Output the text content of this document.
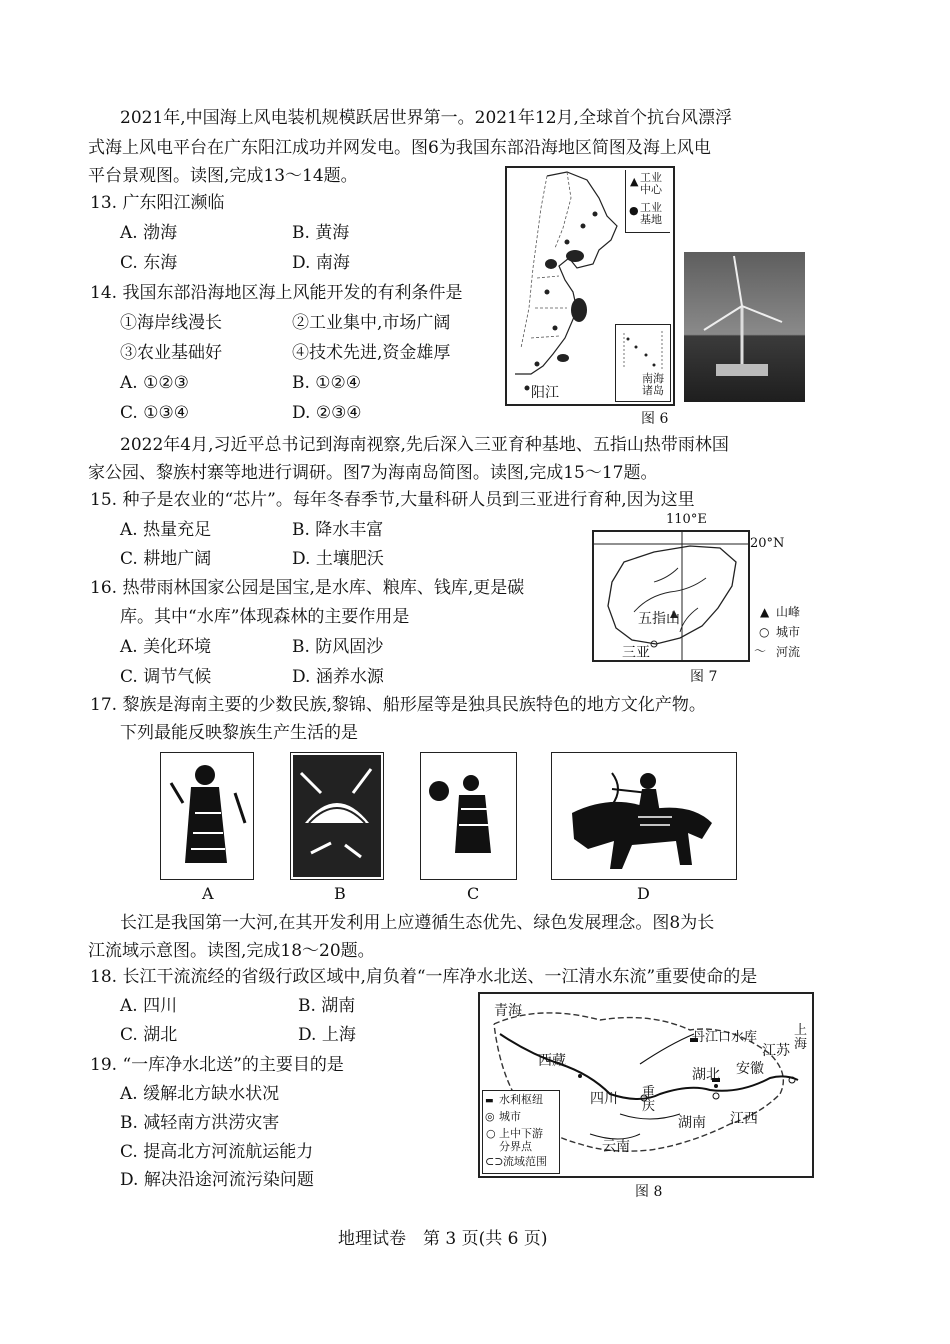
2021年,中国海上风电装机规模跃居世界第一。2021年12月,全球首个抗台风漂浮
式海上风电平台在广东阳江成功并网发电。图6为我国东部沿海地区简图及海上风电
平台景观图。读图,完成13～14题。
13. 广东阳江濒临
A. 渤海	B. 黄海
C. 东海	D. 南海
14. 我国东部沿海地区海上风能开发的有利条件是
①海岸线漫长	②工业集中,市场广阔
③农业基础好	④技术先进,资金雄厚
A. ①②③	B. ①②④
C. ①③④	D. ②③④
▲ 工业中心
● 工业基地
南海诸岛
阳江
图 6
2022年4月,习近平总书记到海南视察,先后深入三亚育种基地、五指山热带雨林国
家公园、黎族村寨等地进行调研。图7为海南岛简图。读图,完成15～17题。
15. 种子是农业的“芯片”。每年冬春季节,大量科研人员到三亚进行育种,因为这里
A. 热量充足	B. 降水丰富
C. 耕地广阔	D. 土壤肥沃
16. 热带雨林国家公园是国宝,是水库、粮库、钱库,更是碳
库。其中“水库”体现森林的主要作用是
A. 美化环境	B. 防风固沙
C. 调节气候	D. 涵养水源
110°E
五指山
三亚
20°N
▲ 山峰
○ 城市
〜 河流
图 7
17. 黎族是海南主要的少数民族,黎锦、船形屋等是独具民族特色的地方文化产物。
下列最能反映黎族生产生活的是
A	B	C	D
长江是我国第一大河,在其开发利用上应遵循生态优先、绿色发展理念。图8为长
江流域示意图。读图,完成18～20题。
18. 长江干流流经的省级行政区域中,肩负着“一库净水北送、一江清水东流”重要使命的是
A. 四川	B. 湖南
C. 湖北	D. 上海
19. “一库净水北送”的主要目的是
A. 缓解北方缺水状况
B. 减轻南方洪涝灾害
C. 提高北方河流航运能力
D. 解决沿途河流污染问题
青海
西藏
四川 重庆
云南
湖北
湖南 江西
安徽
江苏
上海
丹江口水库
▬ 水利枢纽
◎ 城市
○ 上中下游
分界点
⊂⊃ 流域范围
图 8
地理试卷　第 3 页(共 6 页)
